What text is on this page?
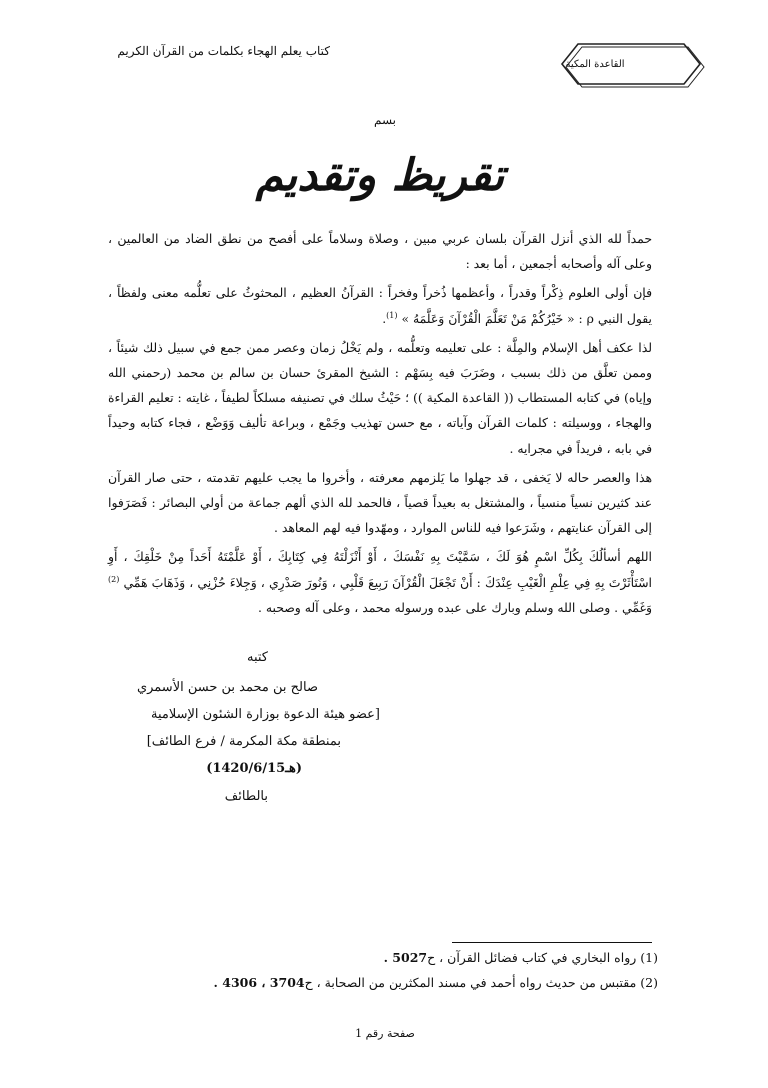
كتاب يعلم الهجاء بكلمات من القرآن الكريم
القاعدة المكية
بسم
تقريظ وتقديم

حمداً لله الذي أنزل القرآن بلسان عربي مبين ، وصلاة وسلاماً على أفصح من نطق الضاد من العالمين ، وعلى آله وأصحابه أجمعين ، أما بعد :

فإن أولى العلوم ذِكْراً وقدراً ، وأعظمها ذُخراً وفخراً : القرآنُ العظيم ، المحثوثُ على تعلُّمه معنى ولفظاً ، يقول النبي ρ : « خَيْرُكُمْ مَنْ تَعَلَّمَ الْقُرْآنَ وَعَلَّمَهُ » $^{(1)}$.

لذا عكف أهل الإسلام والمِلَّة : على تعليمه وتعلُّمه ، ولم يَخْلُ زمان وعصر ممن جمع في سبيل ذلك شيئاً ، وممن تعلَّق من ذلك بسبب ، وضَرَبَ فيه بِسَهْم : الشيخ المقرئ حسان بن سالم بن محمد (رحمني الله وإياه) في كتابه المستطاب (( القاعدة المكية )) ؛ حَيْثُ سلك في تصنيفه مسلكاً لطيفاً ، غايته : تعليم القراءة والهجاء ، ووسيلته : كلمات القرآن وآياته ، مع حسن تهذيب وجَمْع ، وبراعة تأليف وَوَضْع ، فجاء كتابه وحيداً في بابه ، فريداً في مجرايه .

هذا والعصر حاله لا يَخفى ، قد جهلوا ما يَلزمهم معرفته ، وأخروا ما يجب عليهم تقدمته ، حتى صار القرآن عند كثيرين نسياً منسياً ، والمشتغل به بعيداً قصياً ، فالحمد لله الذي ألهم جماعة من أولي البصائر : فَصَرَفوا إلى القرآن عنايتهم ، وشَرَعوا فيه للناس الموارد ، ومهّدوا فيه لهم المعاهد .

اللهم أسألُكَ بِكُلِّ اسْمٍ هُوَ لَكَ ، سَمَّيْتَ بِهِ نَفْسَكَ ، أَوْ أَنْزَلْتَهُ فِي كِتَابِكَ ، أَوْ عَلَّمْتَهُ أَحَداً مِنْ خَلْقِكَ ، أَوِ اسْتَأْثَرْتَ بِهِ فِي عِلْمِ الْغَيْبِ عِنْدَكَ : أَنْ تَجْعَلَ الْقُرْآنَ رَبِيعَ قَلْبِي ، وَنُورَ صَدْرِي ، وَجِلاءَ حُزْنِي ، وَذَهَابَ هَمِّي $^{(2)}$ وَغَمِّي . وصلى الله وسلم وبارك على عبده ورسوله محمد ، وعلى آله وصحبه .

كتبه
صالح بن محمد بن حسن الأسمري
[عضو هيئة الدعوة بوزارة الشئون الإسلامية
بمنطقة مكة المكرمة / فرع الطائف]
(1420/6/15هـ)
بالطائف
(1) رواه البخاري في كتاب فضائل القرآن ، ح5027 .
(2) مقتبس من حديث رواه أحمد في مسند المكثرين من الصحابة ، ح3704 ، 4306 .
صفحة رقم 1
